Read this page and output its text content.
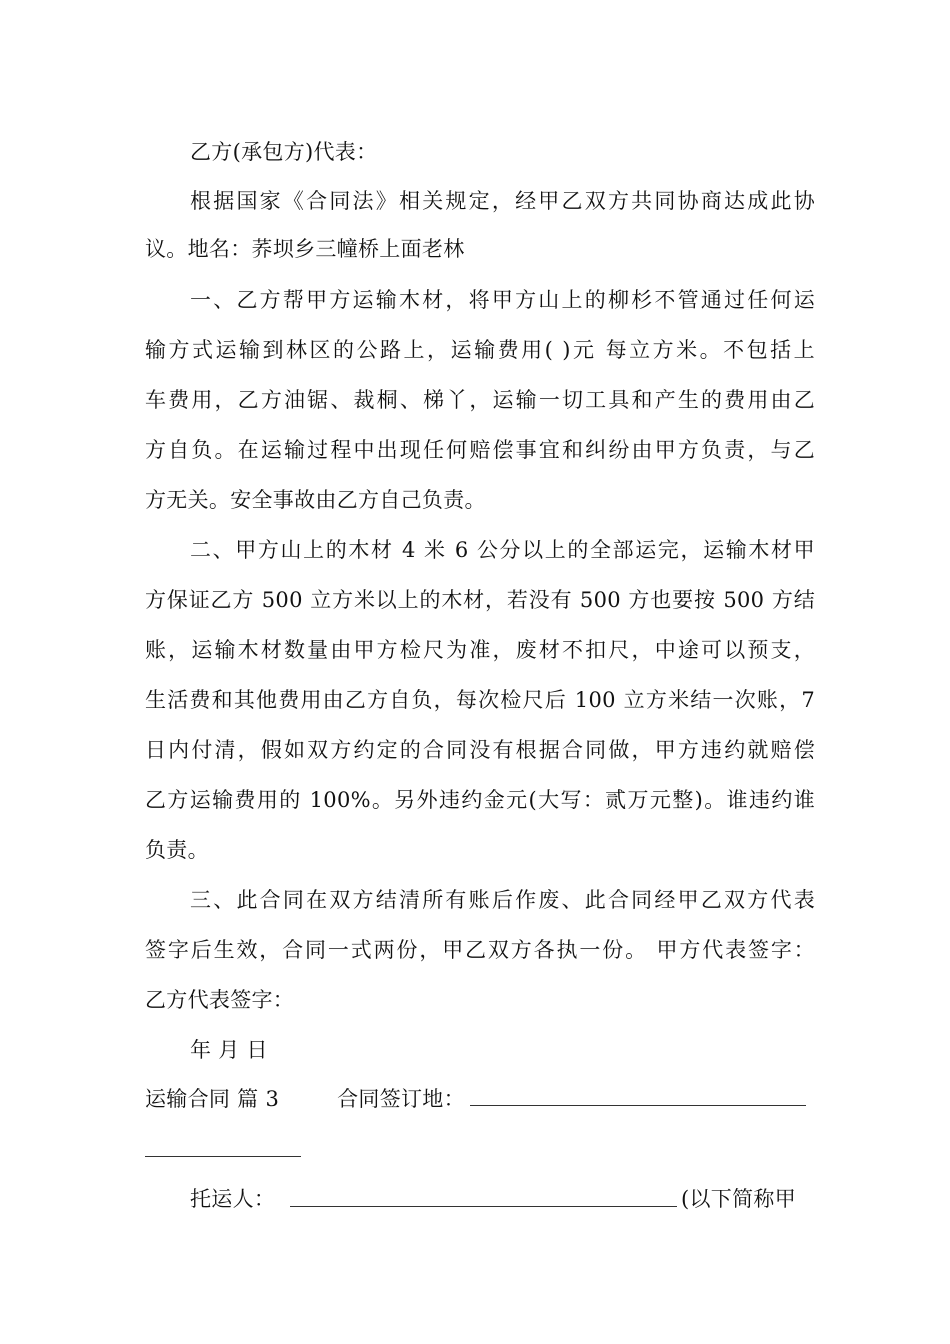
乙方(承包方)代表：
根据国家《合同法》相关规定，经甲乙双方共同协商达成此协
议。地名：荞坝乡三幢桥上面老林
一、乙方帮甲方运输木材，将甲方山上的柳杉不管通过任何运
输方式运输到林区的公路上，运输费用( )元 每立方米。不包括上
车费用，乙方油锯、裁桐、梯丫，运输一切工具和产生的费用由乙
方自负。在运输过程中出现任何赔偿事宜和纠纷由甲方负责，与乙
方无关。安全事故由乙方自己负责。
二、甲方山上的木材 4 米 6 公分以上的全部运完，运输木材甲
方保证乙方 500 立方米以上的木材，若没有 500 方也要按 500 方结
账，运输木材数量由甲方检尺为准，废材不扣尺，中途可以预支，
生活费和其他费用由乙方自负，每次检尺后 100 立方米结一次账，7
日内付清，假如双方约定的合同没有根据合同做，甲方违约就赔偿
乙方运输费用的 100%。另外违约金元(大写：贰万元整)。谁违约谁
负责。
三、此合同在双方结清所有账后作废、此合同经甲乙双方代表
签字后生效，合同一式两份，甲乙双方各执一份。 甲方代表签字：
乙方代表签字：
年 月 日
运输合同 篇 3	合同签订地：
托运人：	(以下简称甲
